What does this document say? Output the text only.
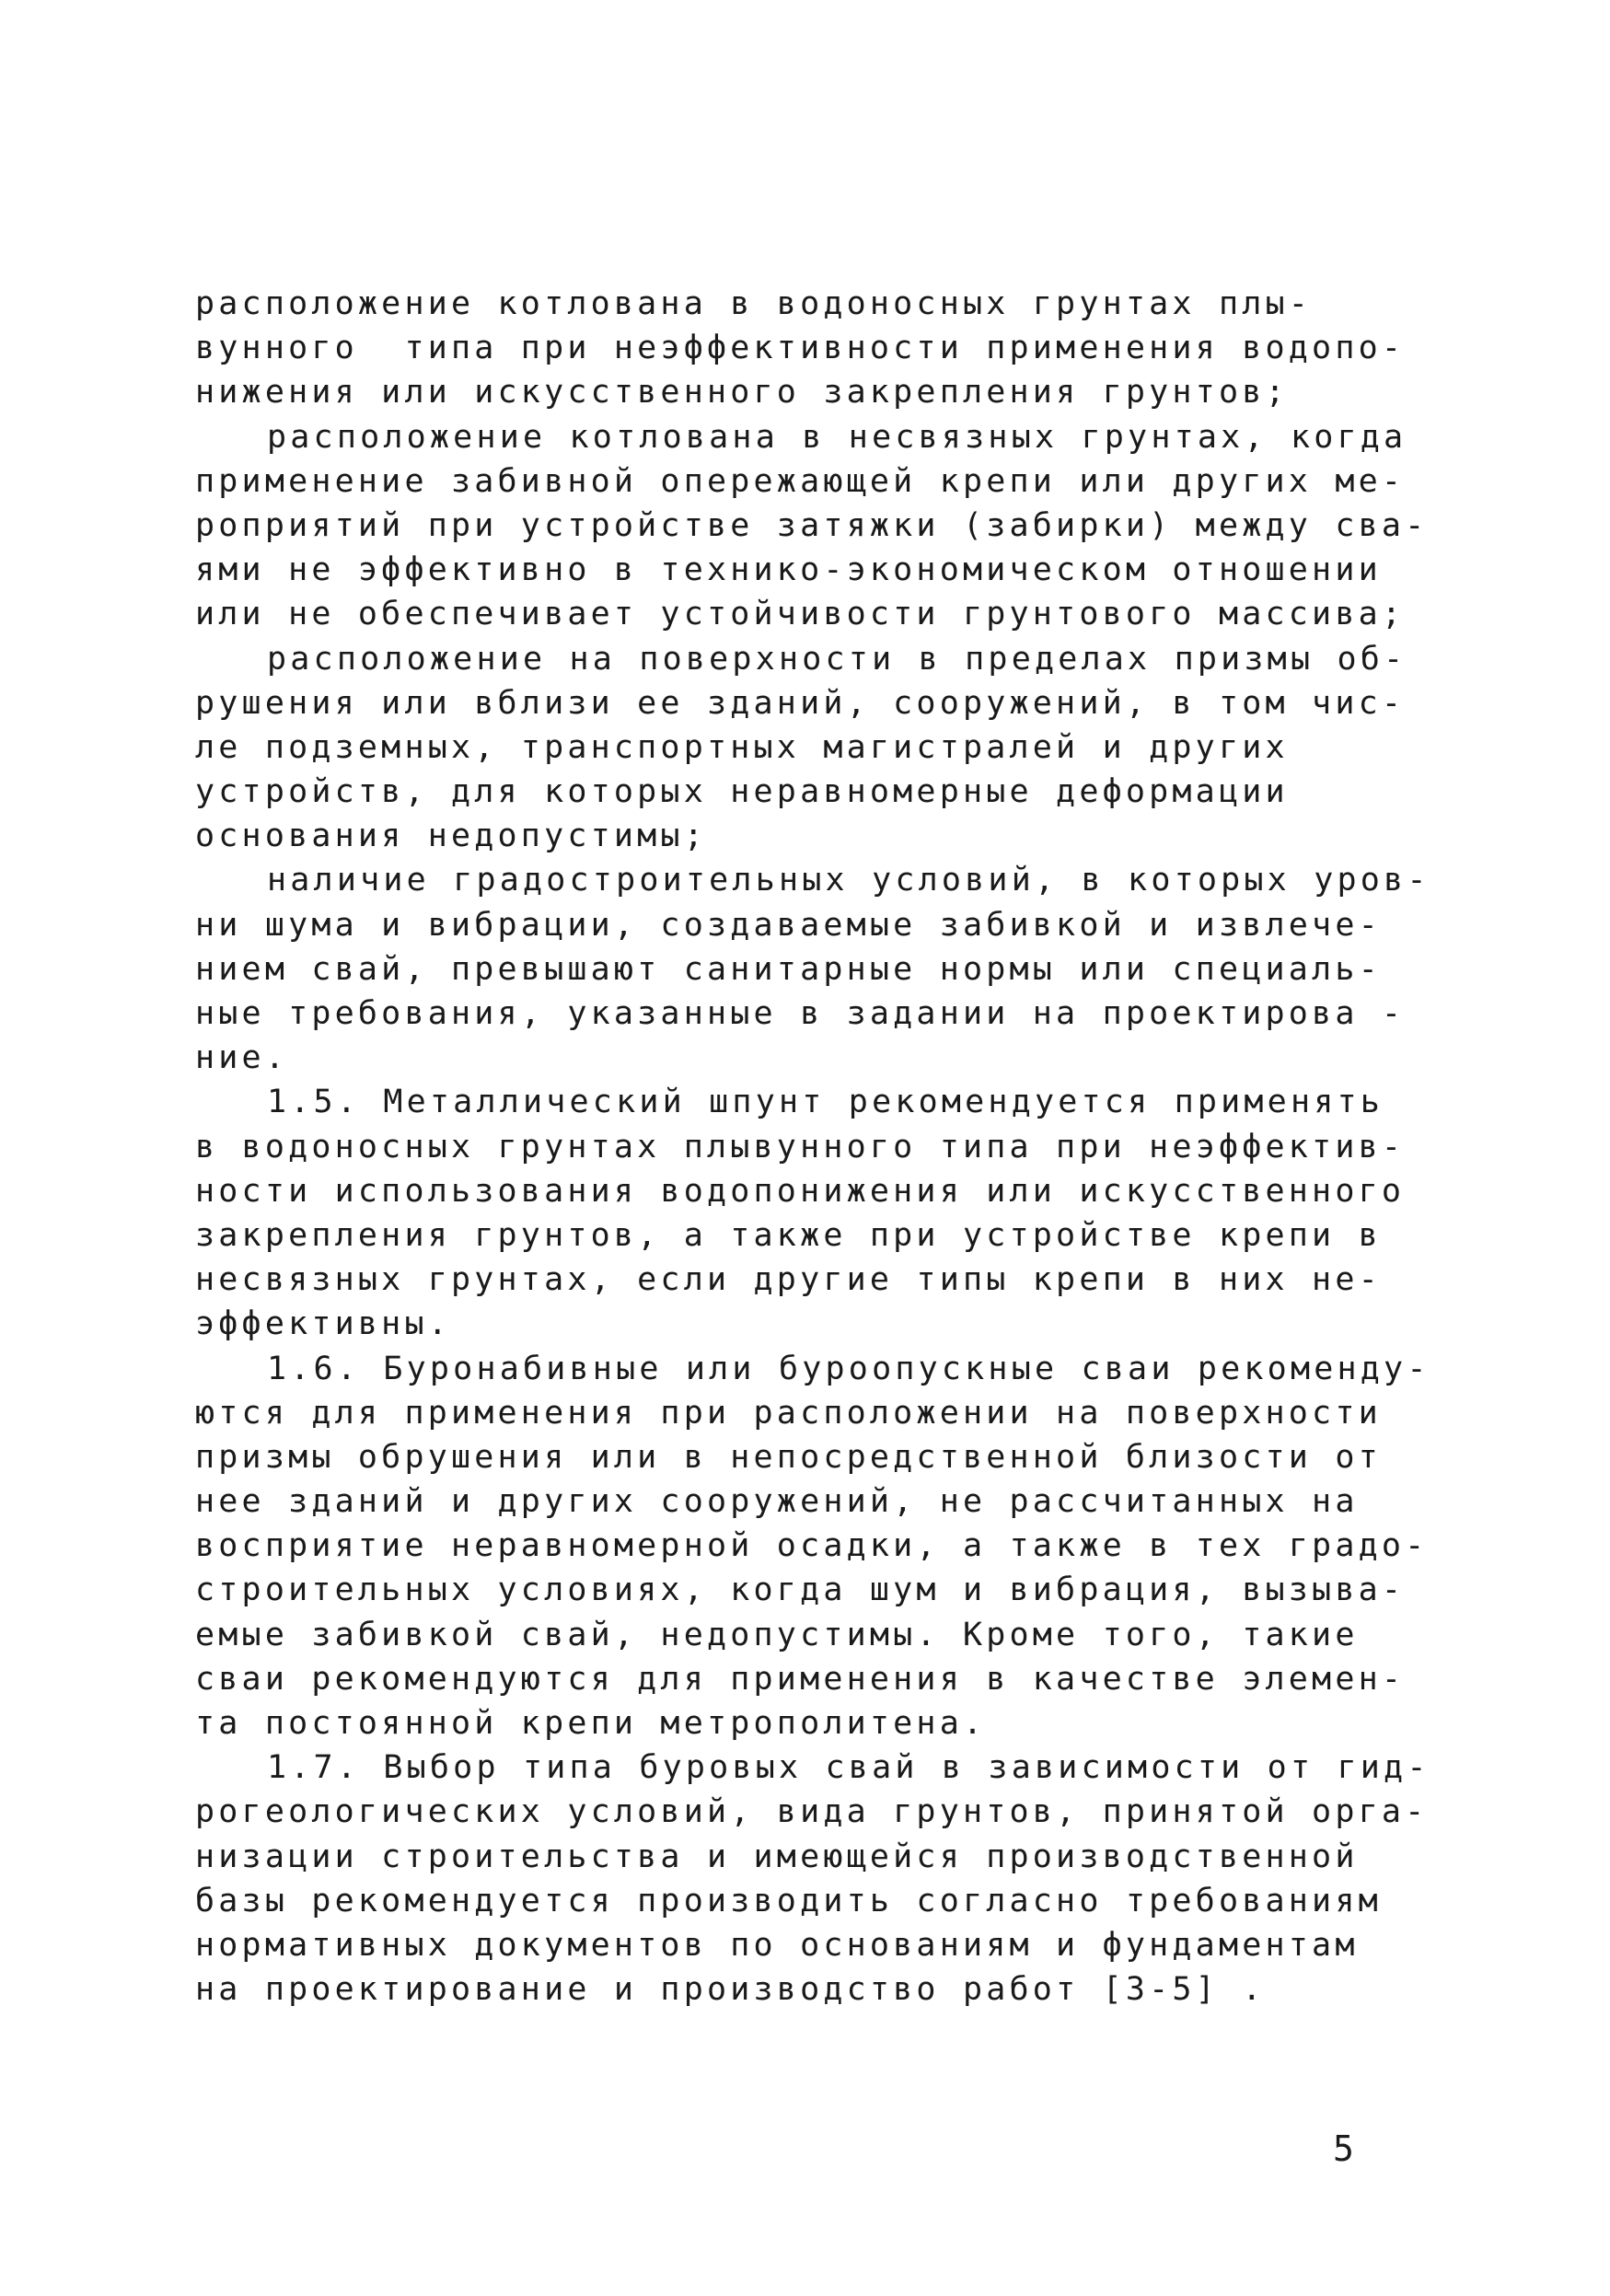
расположение котлована в водоносных грунтах плы-
вунного  типа при неэффективности применения водопо-
нижения или искусственного закрепления грунтов;
расположение котлована в несвязных грунтах, когда
применение забивной опережающей крепи или других ме-
роприятий при устройстве затяжки (забирки) между сва-
ями не эффективно в технико-экономическом отношении
или не обеспечивает устойчивости грунтового массива;
расположение на поверхности в пределах призмы об-
рушения или вблизи ее зданий, сооружений, в том чис-
ле подземных, транспортных магистралей и других
устройств, для которых неравномерные деформации
основания недопустимы;
наличие градостроительных условий, в которых уров-
ни шума и вибрации, создаваемые забивкой и извлече-
нием свай, превышают санитарные нормы или специаль-
ные требования, указанные в задании на проектирова -
ние.
1.5. Металлический шпунт рекомендуется применять
в водоносных грунтах плывунного типа при неэффектив-
ности использования водопонижения или искусственного
закрепления грунтов, а также при устройстве крепи в
несвязных грунтах, если другие типы крепи в них не-
эффективны.
1.6. Буронабивные или буроопускные сваи рекоменду-
ются для применения при расположении на поверхности
призмы обрушения или в непосредственной близости от
нее зданий и других сооружений, не рассчитанных на
восприятие неравномерной осадки, а также в тех градо-
строительных условиях, когда шум и вибрация, вызыва-
емые забивкой свай, недопустимы. Кроме того, такие
сваи рекомендуются для применения в качестве элемен-
та постоянной крепи метрополитена.
1.7. Выбор типа буровых свай в зависимости от гид-
рогеологических условий, вида грунтов, принятой орга-
низации строительства и имеющейся производственной
базы рекомендуется производить согласно требованиям
нормативных документов по основаниям и фундаментам
на проектирование и производство работ [3-5] .
5
